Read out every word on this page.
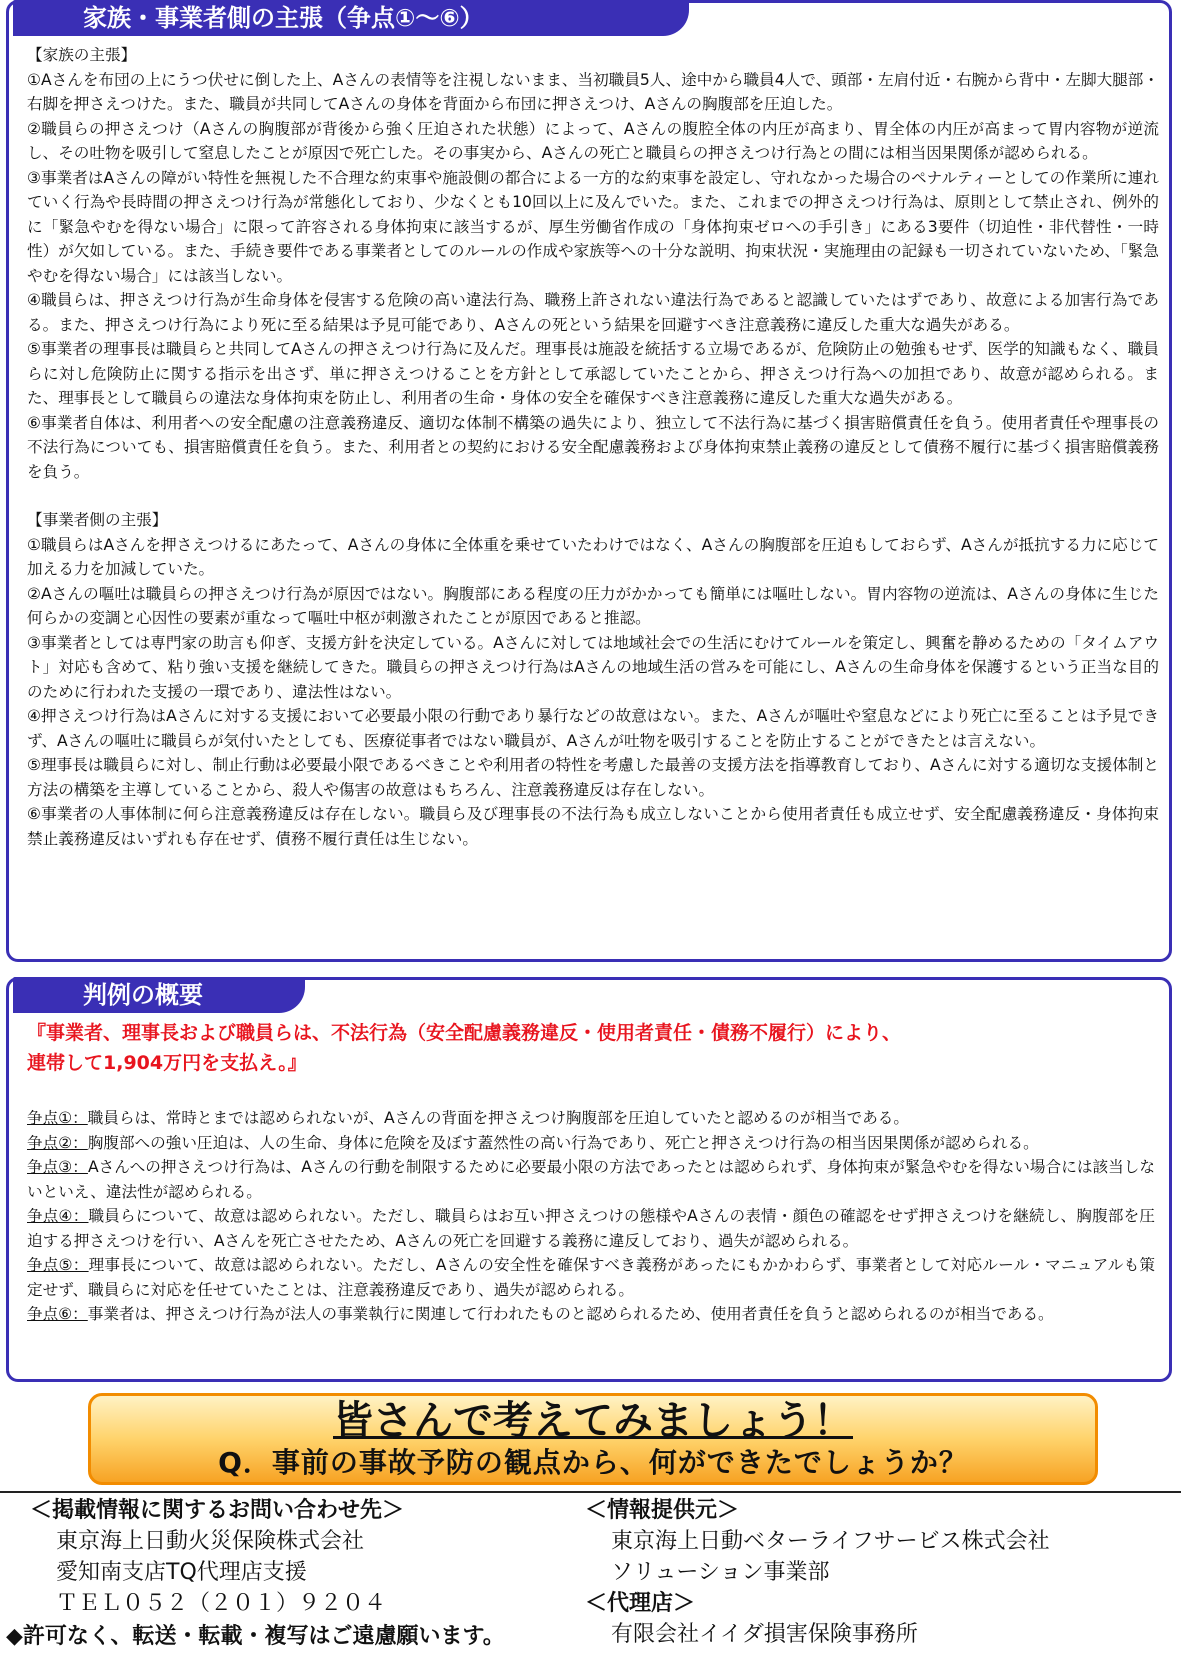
家族・事業者側の主張（争点①～⑥）

【家族の主張】

①Aさんを布団の上にうつ伏せに倒した上、Aさんの表情等を注視しないまま、当初職員5人、途中から職員4人で、頭部・左肩付近・右腕から背中・左脚大腿部・右脚を押さえつけた。また、職員が共同してAさんの身体を背面から布団に押さえつけ、Aさんの胸腹部を圧迫した。

②職員らの押さえつけ（Aさんの胸腹部が背後から強く圧迫された状態）によって、Aさんの腹腔全体の内圧が高まり、胃全体の内圧が高まって胃内容物が逆流し、その吐物を吸引して窒息したことが原因で死亡した。その事実から、Aさんの死亡と職員らの押さえつけ行為との間には相当因果関係が認められる。

③事業者はAさんの障がい特性を無視した不合理な約束事や施設側の都合による一方的な約束事を設定し、守れなかった場合のペナルティーとしての作業所に連れていく行為や長時間の押さえつけ行為が常態化しており、少なくとも10回以上に及んでいた。また、これまでの押さえつけ行為は、原則として禁止され、例外的に「緊急やむを得ない場合」に限って許容される身体拘束に該当するが、厚生労働省作成の「身体拘束ゼロへの手引き」にある3要件（切迫性・非代替性・一時性）が欠如している。また、手続き要件である事業者としてのルールの作成や家族等への十分な説明、拘束状況・実施理由の記録も一切されていないため、「緊急やむを得ない場合」には該当しない。

④職員らは、押さえつけ行為が生命身体を侵害する危険の高い違法行為、職務上許されない違法行為であると認識していたはずであり、故意による加害行為である。また、押さえつけ行為により死に至る結果は予見可能であり、Aさんの死という結果を回避すべき注意義務に違反した重大な過失がある。

⑤事業者の理事長は職員らと共同してAさんの押さえつけ行為に及んだ。理事長は施設を統括する立場であるが、危険防止の勉強もせず、医学的知識もなく、職員らに対し危険防止に関する指示を出さず、単に押さえつけることを方針として承認していたことから、押さえつけ行為への加担であり、故意が認められる。また、理事長として職員らの違法な身体拘束を防止し、利用者の生命・身体の安全を確保すべき注意義務に違反した重大な過失がある。

⑥事業者自体は、利用者への安全配慮の注意義務違反、適切な体制不構築の過失により、独立して不法行為に基づく損害賠償責任を負う。使用者責任や理事長の不法行為についても、損害賠償責任を負う。また、利用者との契約における安全配慮義務および身体拘束禁止義務の違反として債務不履行に基づく損害賠償義務を負う。

【事業者側の主張】

①職員らはAさんを押さえつけるにあたって、Aさんの身体に全体重を乗せていたわけではなく、Aさんの胸腹部を圧迫もしておらず、Aさんが抵抗する力に応じて加える力を加減していた。

②Aさんの嘔吐は職員らの押さえつけ行為が原因ではない。胸腹部にある程度の圧力がかかっても簡単には嘔吐しない。胃内容物の逆流は、Aさんの身体に生じた何らかの変調と心因性の要素が重なって嘔吐中枢が刺激されたことが原因であると推認。

③事業者としては専門家の助言も仰ぎ、支援方針を決定している。Aさんに対しては地域社会での生活にむけてルールを策定し、興奮を静めるための「タイムアウト」対応も含めて、粘り強い支援を継続してきた。職員らの押さえつけ行為はAさんの地域生活の営みを可能にし、Aさんの生命身体を保護するという正当な目的のために行われた支援の一環であり、違法性はない。

④押さえつけ行為はAさんに対する支援において必要最小限の行動であり暴行などの故意はない。また、Aさんが嘔吐や窒息などにより死亡に至ることは予見できず、Aさんの嘔吐に職員らが気付いたとしても、医療従事者ではない職員が、Aさんが吐物を吸引することを防止することができたとは言えない。

⑤理事長は職員らに対し、制止行動は必要最小限であるべきことや利用者の特性を考慮した最善の支援方法を指導教育しており、Aさんに対する適切な支援体制と方法の構築を主導していることから、殺人や傷害の故意はもちろん、注意義務違反は存在しない。

⑥事業者の人事体制に何ら注意義務違反は存在しない。職員ら及び理事長の不法行為も成立しないことから使用者責任も成立せず、安全配慮義務違反・身体拘束禁止義務違反はいずれも存在せず、債務不履行責任は生じない。

判例の概要
『事業者、理事長および職員らは、不法行為（安全配慮義務違反・使用者責任・債務不履行）により、
連帯して1,904万円を支払え。』

争点①：職員らは、常時とまでは認められないが、Aさんの背面を押さえつけ胸腹部を圧迫していたと認めるのが相当である。

争点②：胸腹部への強い圧迫は、人の生命、身体に危険を及ぼす蓋然性の高い行為であり、死亡と押さえつけ行為の相当因果関係が認められる。

争点③：Aさんへの押さえつけ行為は、Aさんの行動を制限するために必要最小限の方法であったとは認められず、身体拘束が緊急やむを得ない場合には該当しないといえ、違法性が認められる。

争点④：職員らについて、故意は認められない。ただし、職員らはお互い押さえつけの態様やAさんの表情・顔色の確認をせず押さえつけを継続し、胸腹部を圧迫する押さえつけを行い、Aさんを死亡させたため、Aさんの死亡を回避する義務に違反しており、過失が認められる。

争点⑤：理事長について、故意は認められない。ただし、Aさんの安全性を確保すべき義務があったにもかかわらず、事業者として対応ルール・マニュアルも策定せず、職員らに対応を任せていたことは、注意義務違反であり、過失が認められる。

争点⑥：事業者は、押さえつけ行為が法人の事業執行に関連して行われたものと認められるため、使用者責任を負うと認められるのが相当である。

皆さんで考えてみましょう！
Q．事前の事故予防の観点から、何ができたでしょうか？
＜掲載情報に関するお問い合わせ先＞
東京海上日動火災保険株式会社
愛知南支店TQ代理店支援
ＴＥＬ０５２（２０１）９２０４
＜情報提供元＞
東京海上日動ベターライフサービス株式会社
ソリューション事業部
＜代理店＞
有限会社イイダ損害保険事務所
◆許可なく、転送・転載・複写はご遠慮願います。
